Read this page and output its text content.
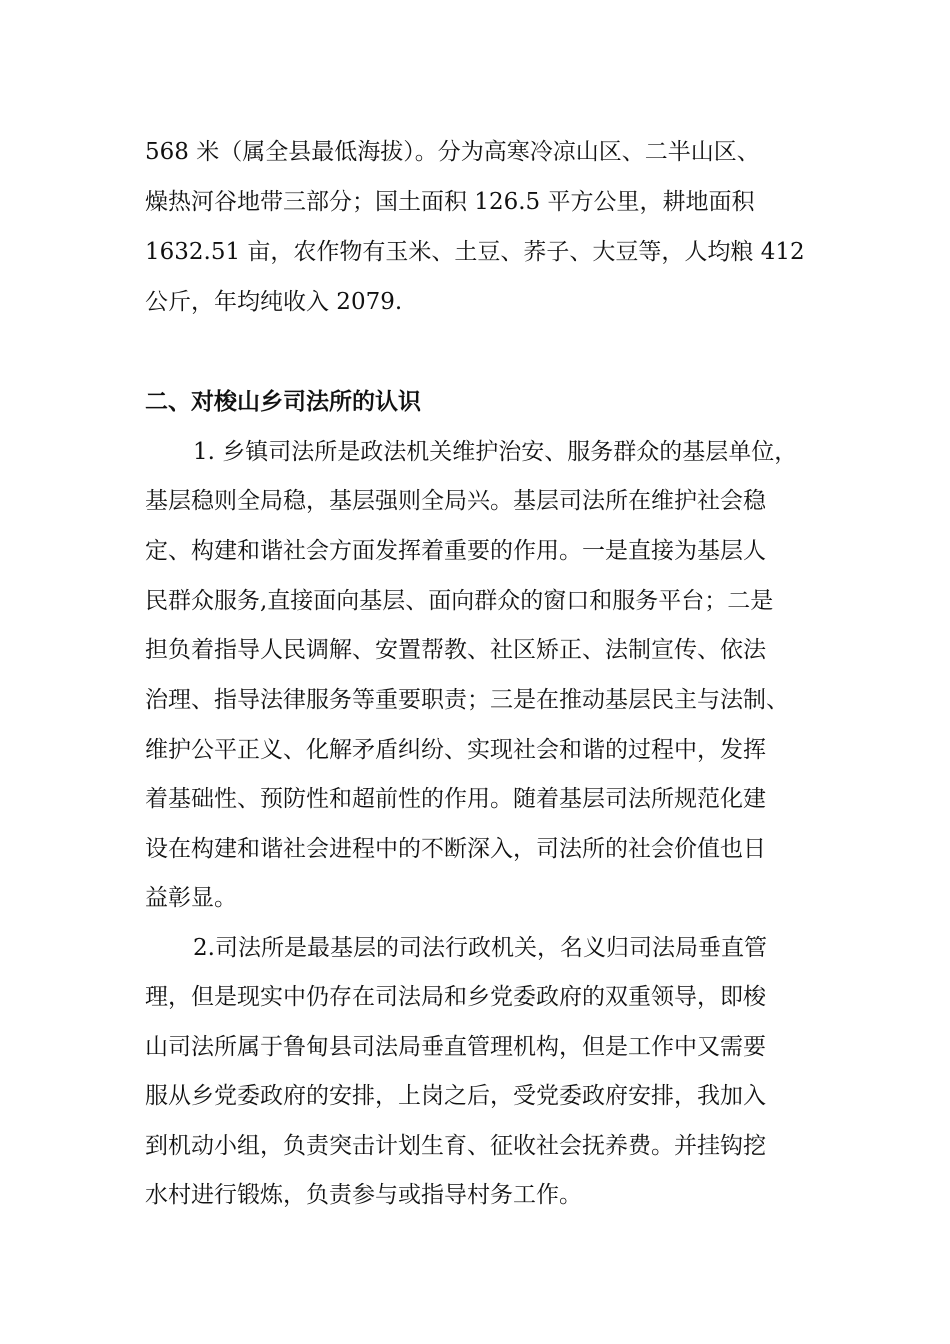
568 米（属全县最低海拔）。分为高寒冷凉山区、二半山区、
燥热河谷地带三部分；国土面积 126.5 平方公里，耕地面积
1632.51 亩，农作物有玉米、土豆、荞子、大豆等，人均粮 412
公斤，年均纯收入 2079.
二、对梭山乡司法所的认识
1. 乡镇司法所是政法机关维护治安、服务群众的基层单位，
基层稳则全局稳，基层强则全局兴。基层司法所在维护社会稳
定、构建和谐社会方面发挥着重要的作用。一是直接为基层人
民群众服务,直接面向基层、面向群众的窗口和服务平台；二是
担负着指导人民调解、安置帮教、社区矫正、法制宣传、依法
治理、指导法律服务等重要职责；三是在推动基层民主与法制、
维护公平正义、化解矛盾纠纷、实现社会和谐的过程中，发挥
着基础性、预防性和超前性的作用。随着基层司法所规范化建
设在构建和谐社会进程中的不断深入，司法所的社会价值也日
益彰显。
2.司法所是最基层的司法行政机关，名义归司法局垂直管
理，但是现实中仍存在司法局和乡党委政府的双重领导，即梭
山司法所属于鲁甸县司法局垂直管理机构，但是工作中又需要
服从乡党委政府的安排，上岗之后，受党委政府安排，我加入
到机动小组，负责突击计划生育、征收社会抚养费。并挂钩挖
水村进行锻炼，负责参与或指导村务工作。
